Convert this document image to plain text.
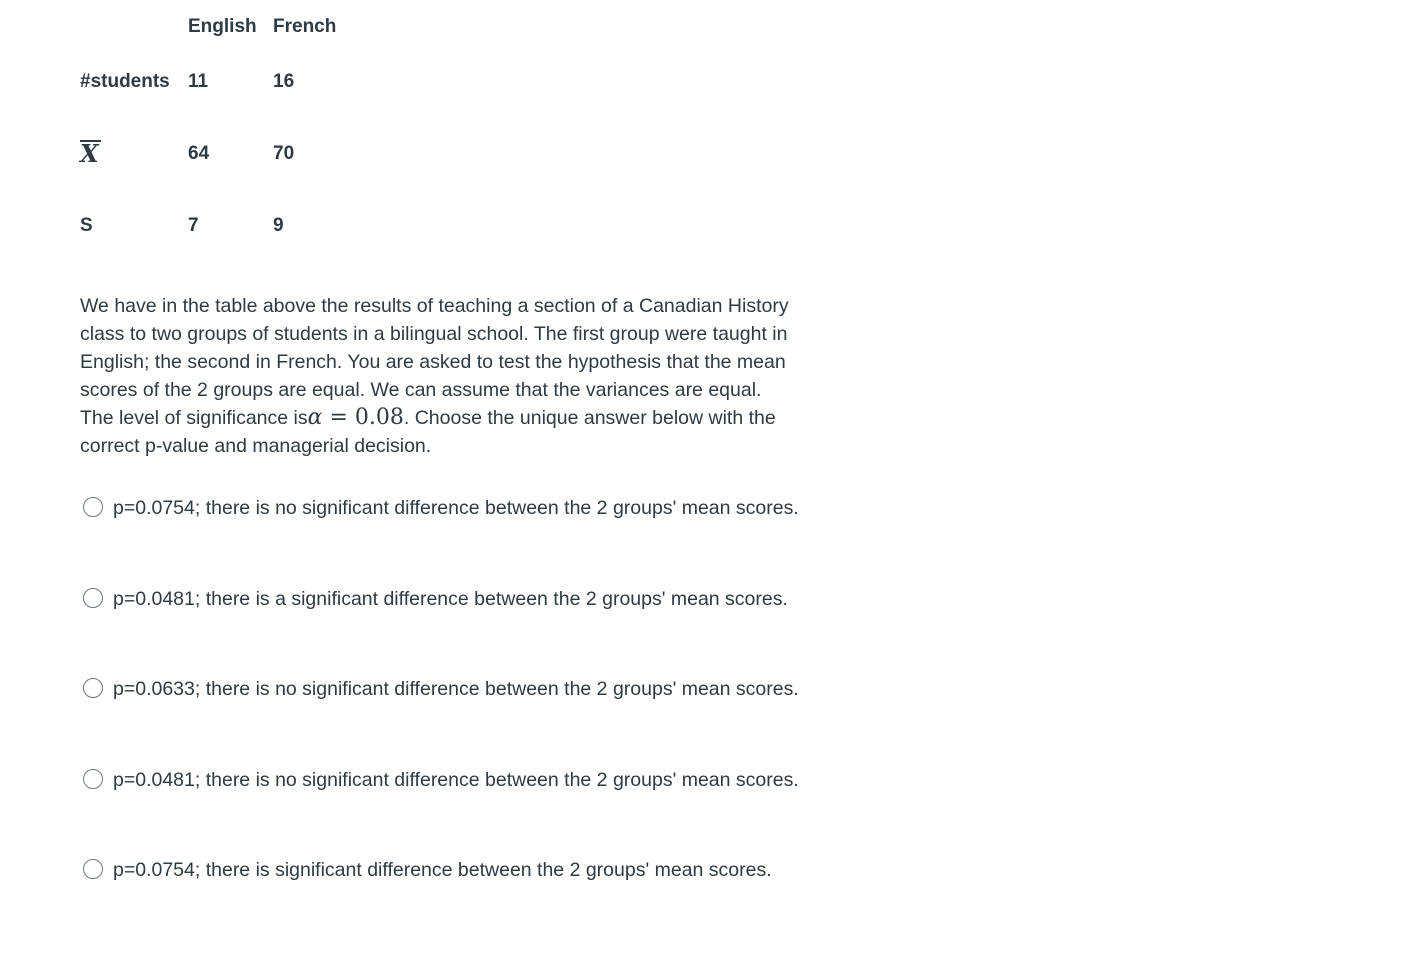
	English	French
#students	11	16
X	64	70
S	7	9

We have in the table above the results of teaching a section of a Canadian History class to two groups of students in a bilingual school. The first group were taught in English; the second in French. You are asked to test the hypothesis that the mean scores of the 2 groups are equal. We can assume that the variances are equal. The level of significance isα = 0.08. Choose the unique answer below with the correct p-value and managerial decision.

p=0.0754; there is no significant difference between the 2 groups' mean scores.
p=0.0481; there is a significant difference between the 2 groups' mean scores.
p=0.0633; there is no significant difference between the 2 groups' mean scores.
p=0.0481; there is no significant difference between the 2 groups' mean scores.
p=0.0754; there is significant difference between the 2 groups' mean scores.
